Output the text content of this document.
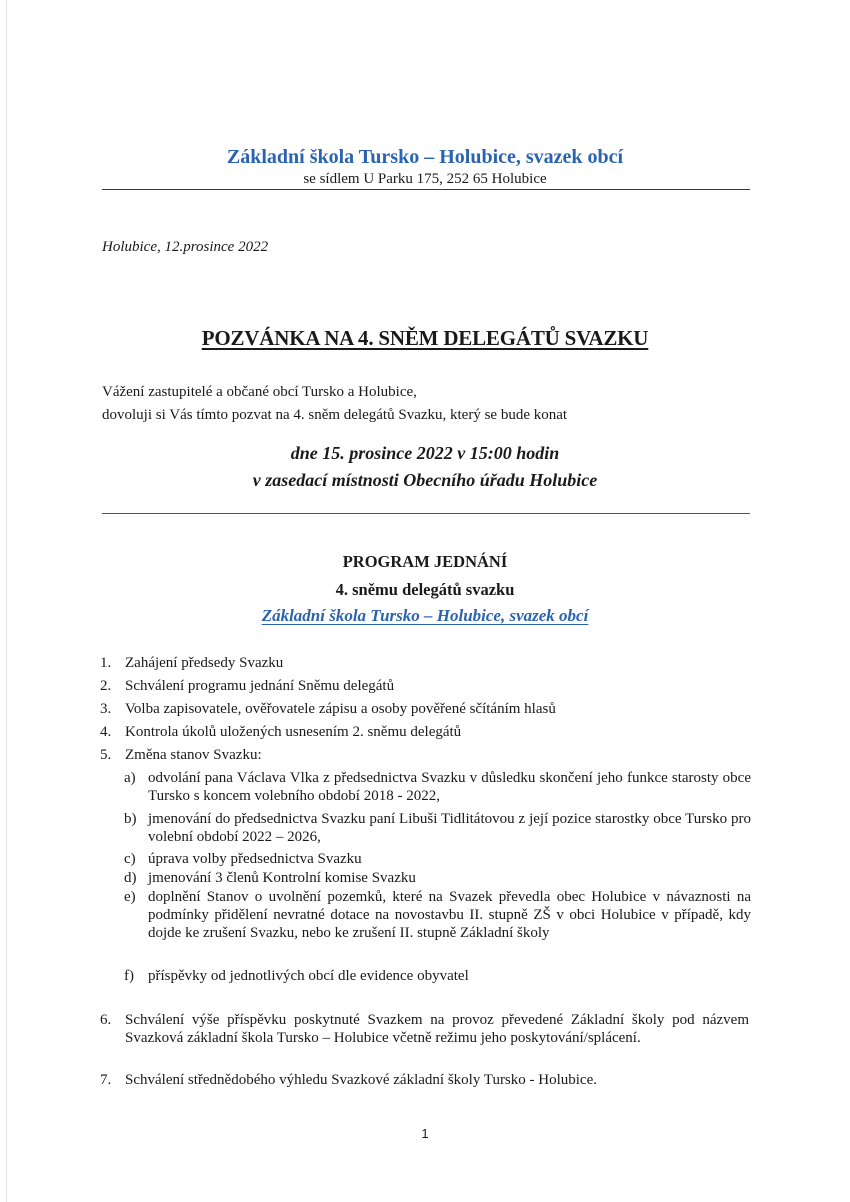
Základní škola Tursko – Holubice, svazek obcí
se sídlem U Parku 175, 252 65 Holubice
Holubice, 12.prosince 2022
POZVÁNKA NA 4. SNĚM DELEGÁTŮ SVAZKU
Vážení zastupitelé a občané obcí Tursko a Holubice,
dovoluji si Vás tímto pozvat na 4. sněm delegátů Svazku, který se bude konat
dne 15. prosince 2022 v 15:00 hodin
v zasedací místnosti Obecního úřadu Holubice
PROGRAM JEDNÁNÍ
4. sněmu delegátů svazku
Základní škola Tursko – Holubice, svazek obcí
1. Zahájení předsedy Svazku
2. Schválení programu jednání Sněmu delegátů
3. Volba zapisovatele, ověřovatele zápisu a osoby pověřené sčítáním hlasů
4. Kontrola úkolů uložených usnesením 2. sněmu delegátů
5. Změna stanov Svazku:
a) odvolání pana Václava Vlka z předsednictva Svazku v důsledku skončení jeho funkce starosty obce Tursko s koncem volebního období 2018 - 2022,
b) jmenování do předsednictva Svazku paní Libuši Tidlitátovou z její pozice starostky obce Tursko pro volební období 2022 – 2026,
c) úprava volby předsednictva Svazku
d) jmenování 3 členů Kontrolní komise Svazku
e) doplnění Stanov o uvolnění pozemků, které na Svazek převedla obec Holubice v návaznosti na podmínky přidělení nevratné dotace na novostavbu II. stupně ZŠ v obci Holubice v případě, kdy dojde ke zrušení Svazku, nebo ke zrušení II. stupně Základní školy
f) příspěvky od jednotlivých obcí dle evidence obyvatel
6. Schválení výše příspěvku poskytnuté Svazkem na provoz převedené Základní školy pod názvem Svazková základní škola Tursko – Holubice včetně režimu jeho poskytování/splácení.
7. Schválení střednědobého výhledu Svazkové základní školy Tursko - Holubice.
1
